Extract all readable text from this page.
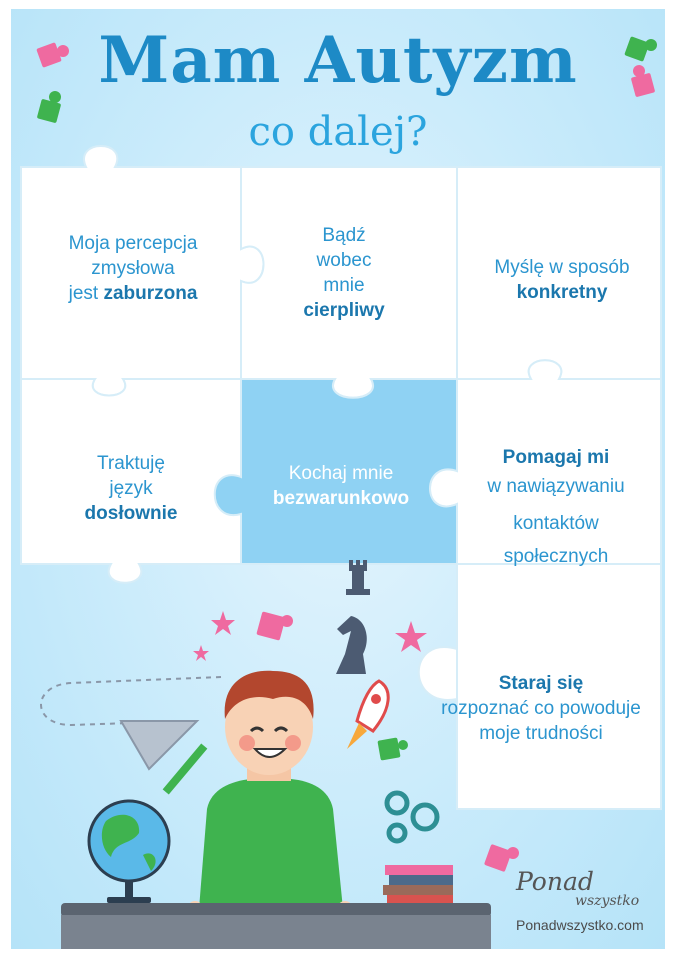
Mam Autyzm
co dalej?
Moja percepcja
zmysłowa
jest zaburzona
Bądź
wobec
mnie
cierpliwy
Myślę w sposób
konkretny
Traktuję
język
dosłownie
Kochaj mnie
bezwarunkowo
Pomagaj mi
w nawiązywaniu
kontaktów
społecznych
Staraj się
rozpoznać co powoduje
moje trudności
Ponad
wszystko
Ponadwszystko.com
